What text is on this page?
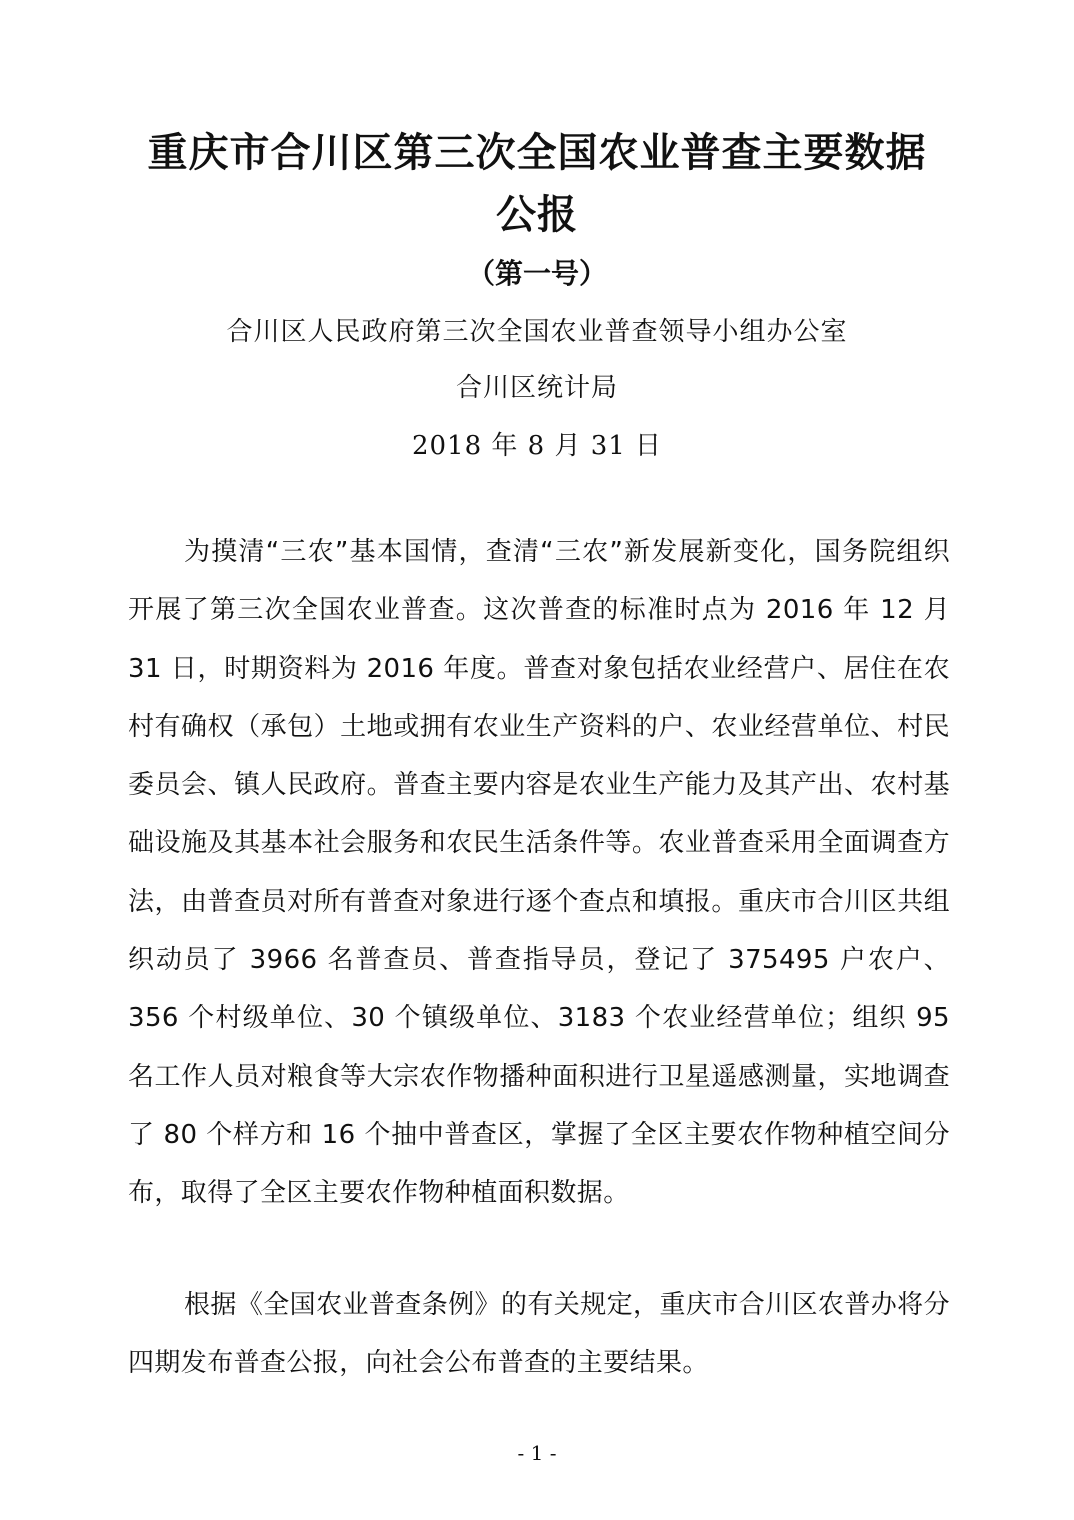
重庆市合川区第三次全国农业普查主要数据
公报
（第一号）
合川区人民政府第三次全国农业普查领导小组办公室
合川区统计局
2018 年 8 月 31 日

为摸清“三农”基本国情，查清“三农”新发展新变化，国务院组织开展了第三次全国农业普查。这次普查的标准时点为 2016 年 12 月 31 日，时期资料为 2016 年度。普查对象包括农业经营户、居住在农村有确权（承包）土地或拥有农业生产资料的户、农业经营单位、村民委员会、镇人民政府。普查主要内容是农业生产能力及其产出、农村基础设施及其基本社会服务和农民生活条件等。农业普查采用全面调查方法，由普查员对所有普查对象进行逐个查点和填报。重庆市合川区共组织动员了 3966 名普查员、普查指导员，登记了 375495 户农户、356 个村级单位、30 个镇级单位、3183 个农业经营单位；组织 95 名工作人员对粮食等大宗农作物播种面积进行卫星遥感测量，实地调查了 80 个样方和 16 个抽中普查区，掌握了全区主要农作物种植空间分布，取得了全区主要农作物种植面积数据。

根据《全国农业普查条例》的有关规定，重庆市合川区农普办将分四期发布普查公报，向社会公布普查的主要结果。

- 1 -
